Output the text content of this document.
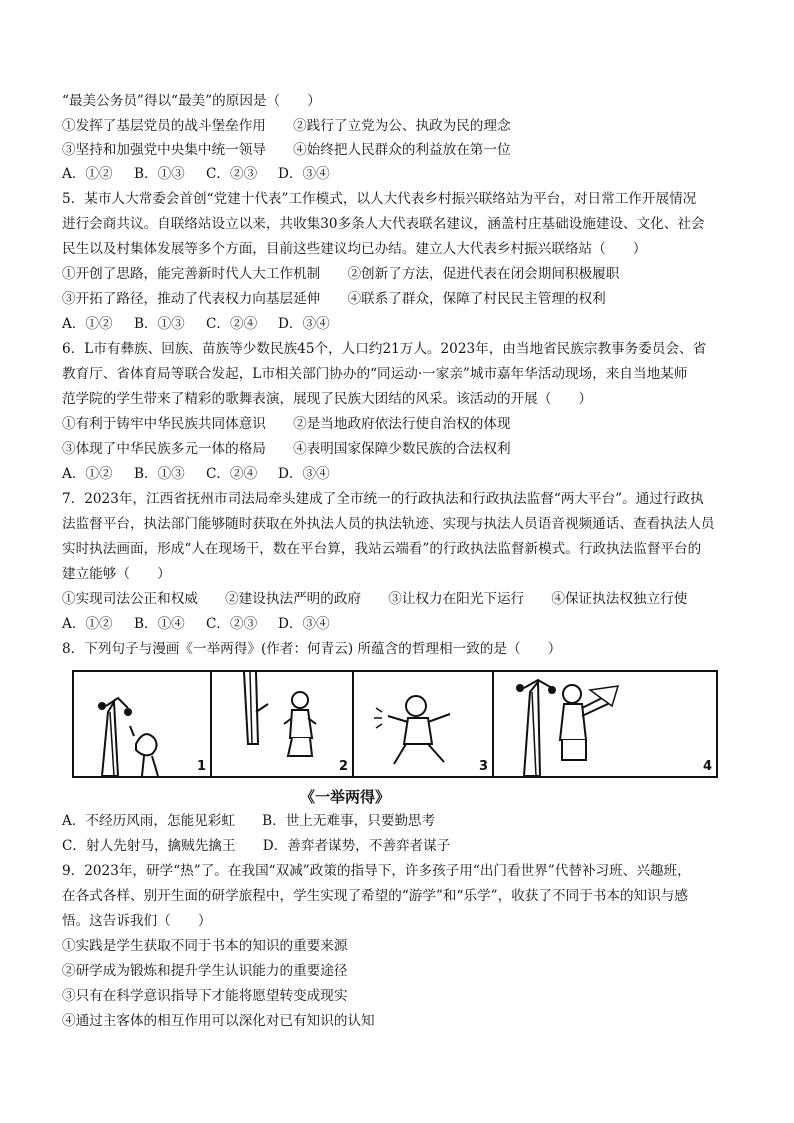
“最美公务员”得以“最美”的原因是（　　）
①发挥了基层党员的战斗堡垒作用　　②践行了立党为公、执政为民的理念
③坚持和加强党中央集中统一领导　　④始终把人民群众的利益放在第一位
A．①② B．①③ C．②③ D．③④
5．某市人大常委会首创“党建十代表”工作模式，以人大代表乡村振兴联络站为平台，对日常工作开展情况
进行会商共议。自联络站设立以来，共收集30多条人大代表联名建议，涵盖村庄基础设施建设、文化、社会
民生以及村集体发展等多个方面，目前这些建议均已办结。建立人大代表乡村振兴联络站（　　）
①开创了思路，能完善新时代人大工作机制　　②创新了方法，促进代表在闭会期间积极履职
③开拓了路径，推动了代表权力向基层延伸　　④联系了群众，保障了村民民主管理的权利
A．①② B．①③ C．②④ D．③④
6．L市有彝族、回族、苗族等少数民族45个，人口约21万人。2023年，由当地省民族宗教事务委员会、省
教育厅、省体育局等联合发起，L市相关部门协办的“同运动·一家亲”城市嘉年华活动现场，来自当地某师
范学院的学生带来了精彩的歌舞表演，展现了民族大团结的风采。该活动的开展（　　）
①有利于铸牢中华民族共同体意识　　②是当地政府依法行使自治权的体现
③体现了中华民族多元一体的格局　　④表明国家保障少数民族的合法权利
A．①② B．①③ C．②④ D．③④
7．2023年，江西省抚州市司法局牵头建成了全市统一的行政执法和行政执法监督“两大平台”。通过行政执
法监督平台，执法部门能够随时获取在外执法人员的执法轨迹、实现与执法人员语音视频通话、查看执法人员
实时执法画面，形成“人在现场干，数在平台算，我站云端看”的行政执法监督新模式。行政执法监督平台的
建立能够（　　）
①实现司法公正和权威　　②建设执法严明的政府　　③让权力在阳光下运行　　④保证执法权独立行使
A．①② B．①④ C．②③ D．③④
8．下列句子与漫画《一举两得》(作者：何青云) 所蕴含的哲理相一致的是（　　）
1	2	3	4
《一举两得》
A．不经历风雨，怎能见彩虹　　B．世上无难事，只要勤思考
C．射人先射马，擒贼先擒王　　D．善弈者谋势，不善弈者谋子
9．2023年，研学“热”了。在我国“双减”政策的指导下，许多孩子用“出门看世界”代替补习班、兴趣班，
在各式各样、别开生面的研学旅程中，学生实现了希望的“游学”和“乐学”，收获了不同于书本的知识与感
悟。这告诉我们（　　）
①实践是学生获取不同于书本的知识的重要来源
②研学成为锻炼和提升学生认识能力的重要途径
③只有在科学意识指导下才能将愿望转变成现实
④通过主客体的相互作用可以深化对已有知识的认知
